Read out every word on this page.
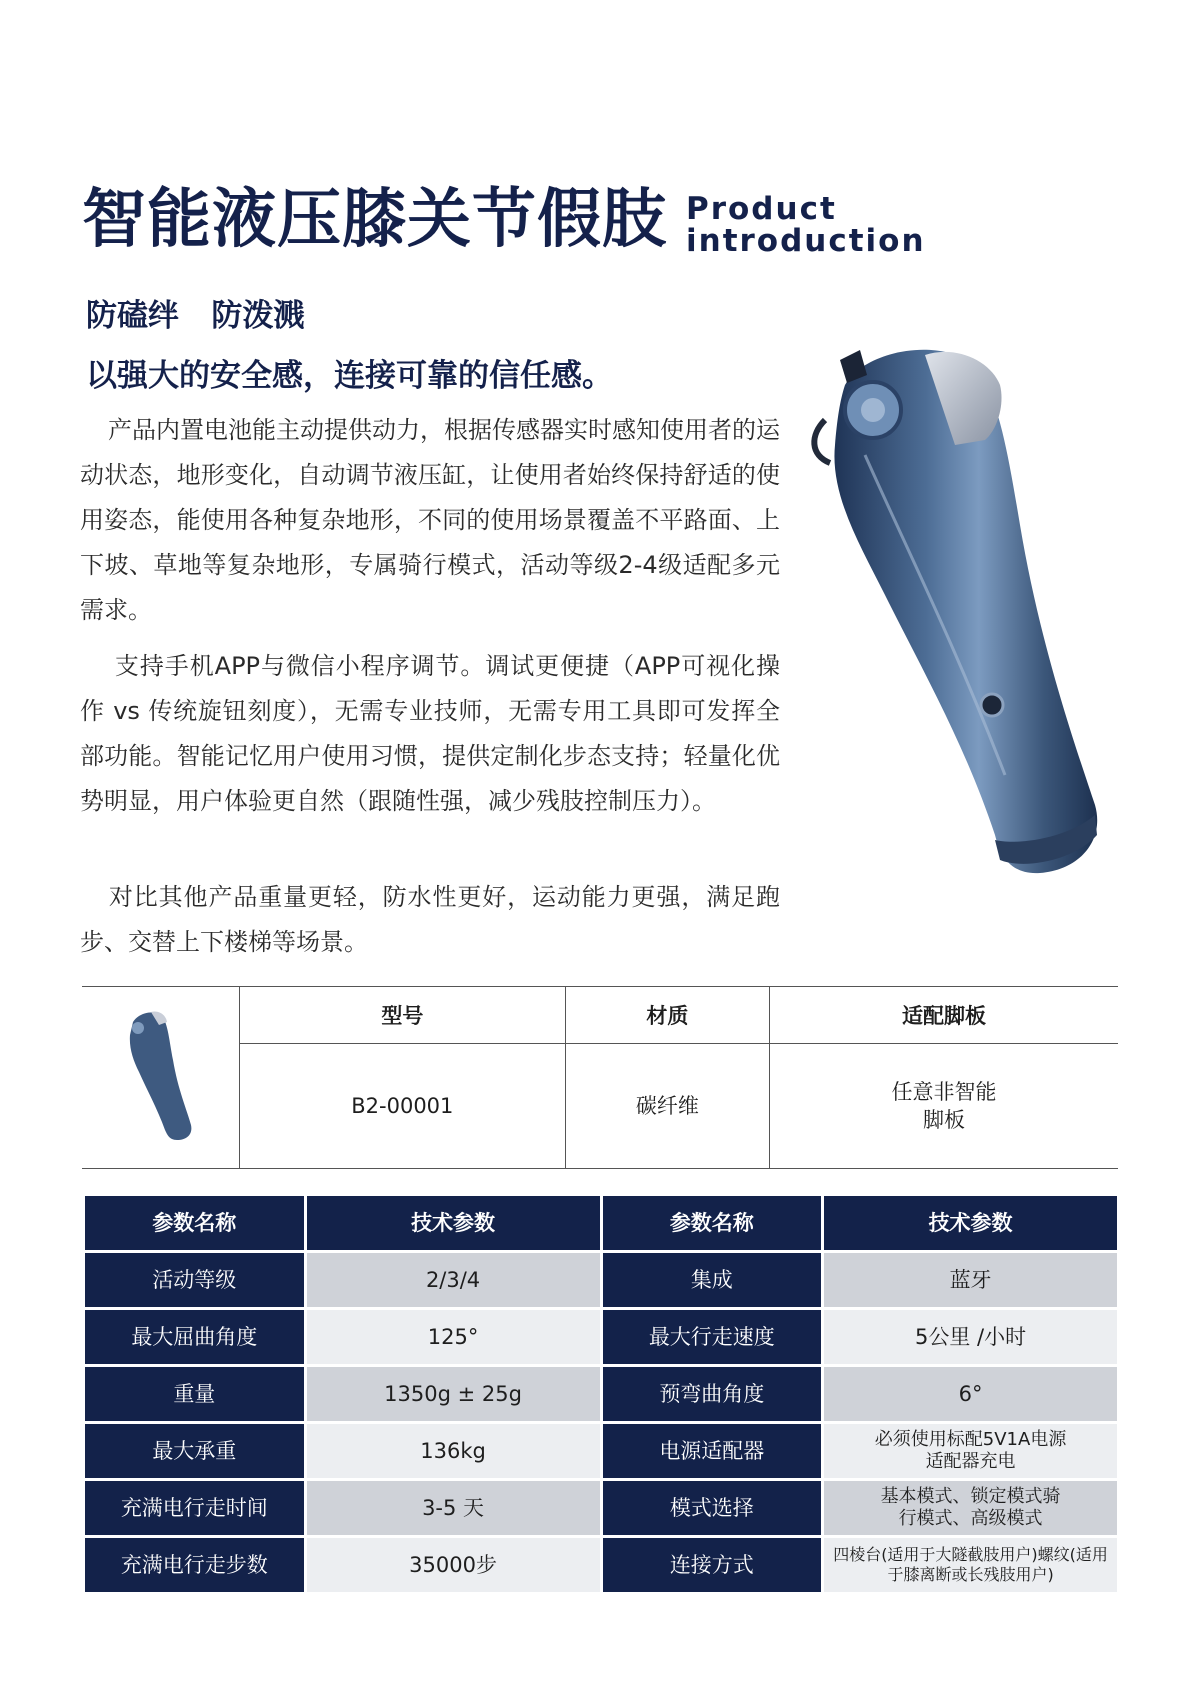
智能液压膝关节假肢 Product
introduction
防磕绊   防泼溅
以强大的安全感，连接可靠的信任感。

产品内置电池能主动提供动力，根据传感器实时感知使用者的运动状态，地形变化，自动调节液压缸，让使用者始终保持舒适的使用姿态，能使用各种复杂地形，不同的使用场景覆盖不平路面、上下坡、草地等复杂地形，专属骑行模式，活动等级2-4级适配多元需求。

支持手机APP与微信小程序调节。调试更便捷（APP可视化操作 vs 传统旋钮刻度），无需专业技师，无需专用工具即可发挥全部功能。智能记忆用户使用习惯，提供定制化步态支持；轻量化优势明显，用户体验更自然（跟随性强，减少残肢控制压力）。

对比其他产品重量更轻，防水性更好，运动能力更强，满足跑步、交替上下楼梯等场景。

	型号	材质	适配脚板
	B2-00001	碳纤维	任意非智能脚板
参数名称	技术参数	参数名称	技术参数
活动等级	2/3/4	集成	蓝牙
最大屈曲角度	125°	最大行走速度	5公里 /小时
重量	1350g ± 25g	预弯曲角度	6°
最大承重	136kg	电源适配器	必须使用标配5V1A电源适配器充电
充满电行走时间	3-5 天	模式选择	基本模式、锁定模式骑行模式、高级模式
充满电行走步数	35000步	连接方式	四棱台(适用于大隧截肢用户)螺纹(适用于膝离断或长残肢用户)
